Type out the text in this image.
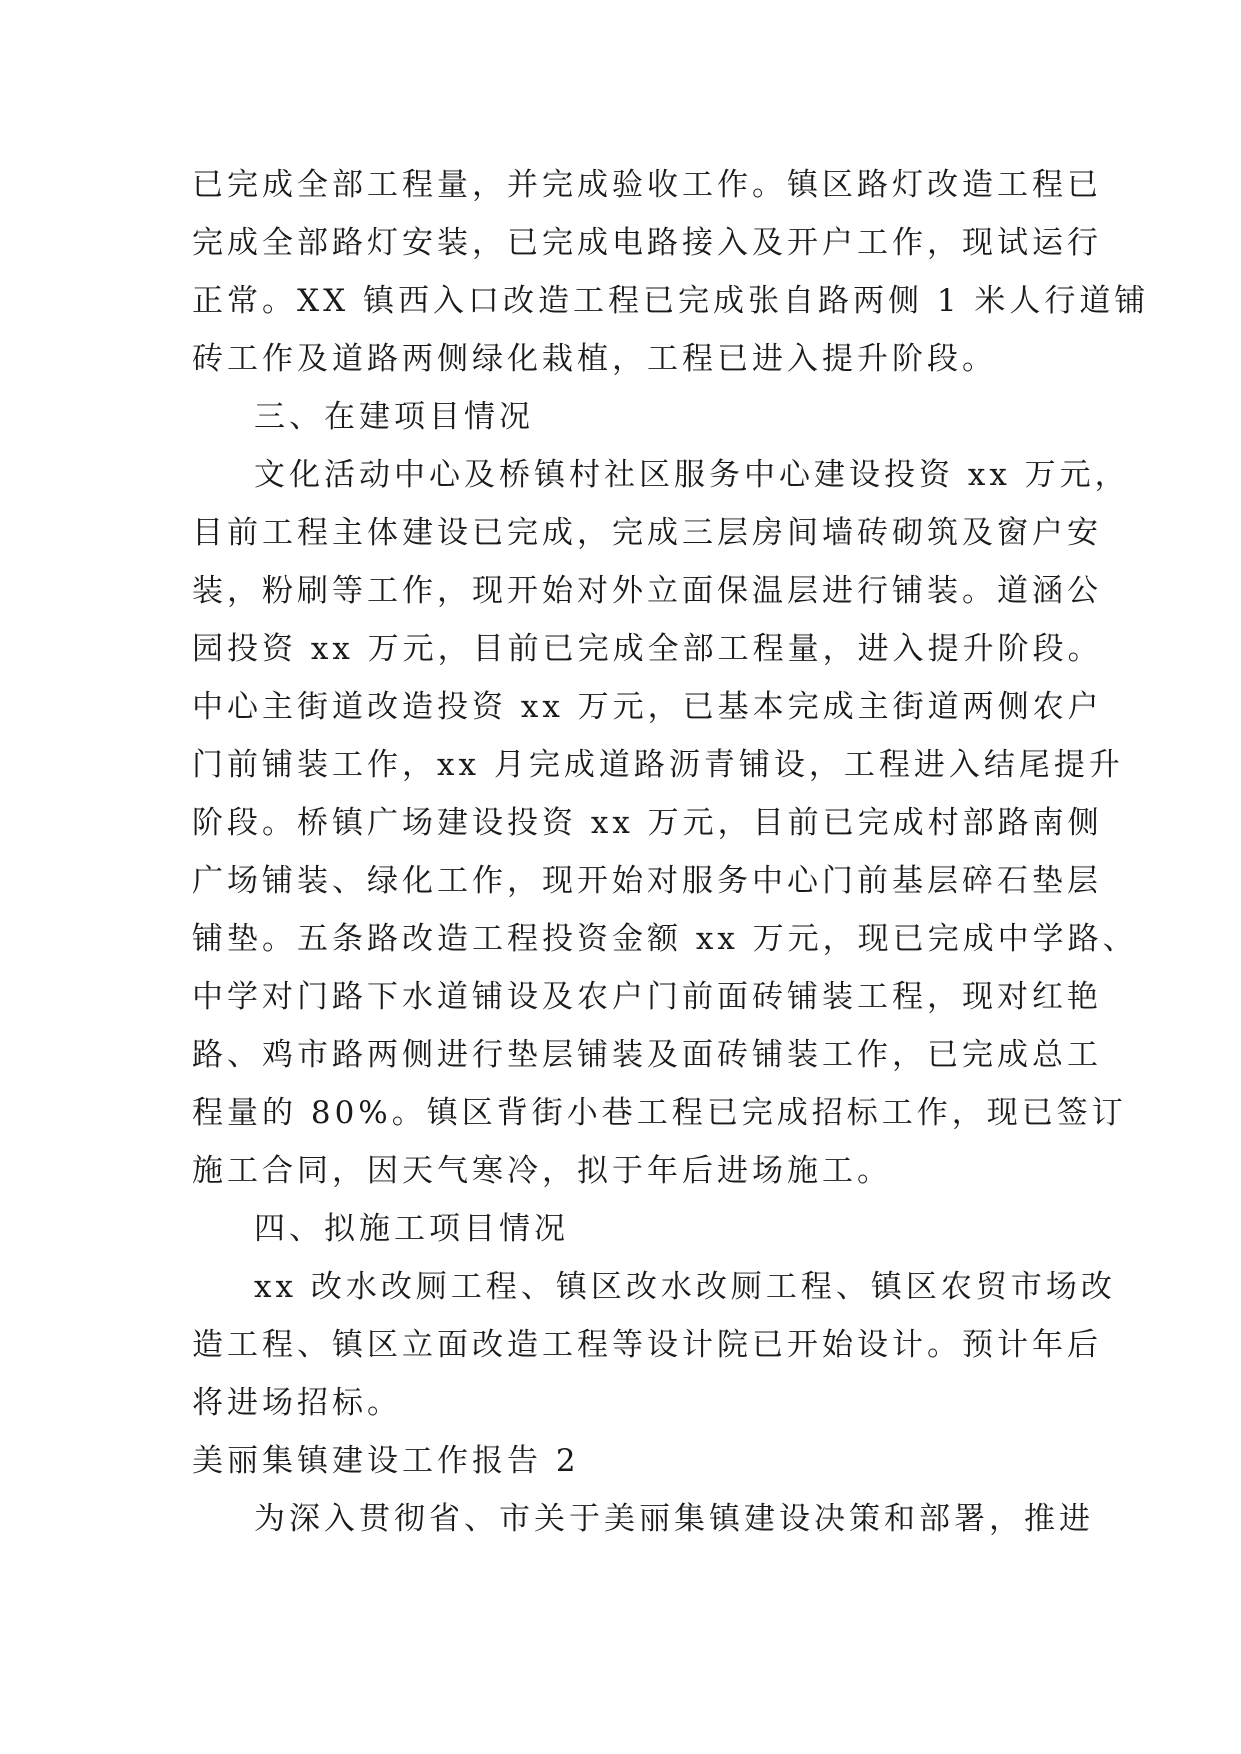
已完成全部工程量，并完成验收工作。镇区路灯改造工程已
完成全部路灯安装，已完成电路接入及开户工作，现试运行
正常。XX 镇西入口改造工程已完成张自路两侧 1 米人行道铺
砖工作及道路两侧绿化栽植，工程已进入提升阶段。
三、在建项目情况
文化活动中心及桥镇村社区服务中心建设投资 xx 万元，
目前工程主体建设已完成，完成三层房间墙砖砌筑及窗户安
装，粉刷等工作，现开始对外立面保温层进行铺装。道涵公
园投资 xx 万元，目前已完成全部工程量，进入提升阶段。
中心主街道改造投资 xx 万元，已基本完成主街道两侧农户
门前铺装工作，xx 月完成道路沥青铺设，工程进入结尾提升
阶段。桥镇广场建设投资 xx 万元，目前已完成村部路南侧
广场铺装、绿化工作，现开始对服务中心门前基层碎石垫层
铺垫。五条路改造工程投资金额 xx 万元，现已完成中学路、
中学对门路下水道铺设及农户门前面砖铺装工程，现对红艳
路、鸡市路两侧进行垫层铺装及面砖铺装工作，已完成总工
程量的 80%。镇区背街小巷工程已完成招标工作，现已签订
施工合同，因天气寒冷，拟于年后进场施工。
四、拟施工项目情况
xx 改水改厕工程、镇区改水改厕工程、镇区农贸市场改
造工程、镇区立面改造工程等设计院已开始设计。预计年后
将进场招标。
美丽集镇建设工作报告 2
为深入贯彻省、市关于美丽集镇建设决策和部署，推进
